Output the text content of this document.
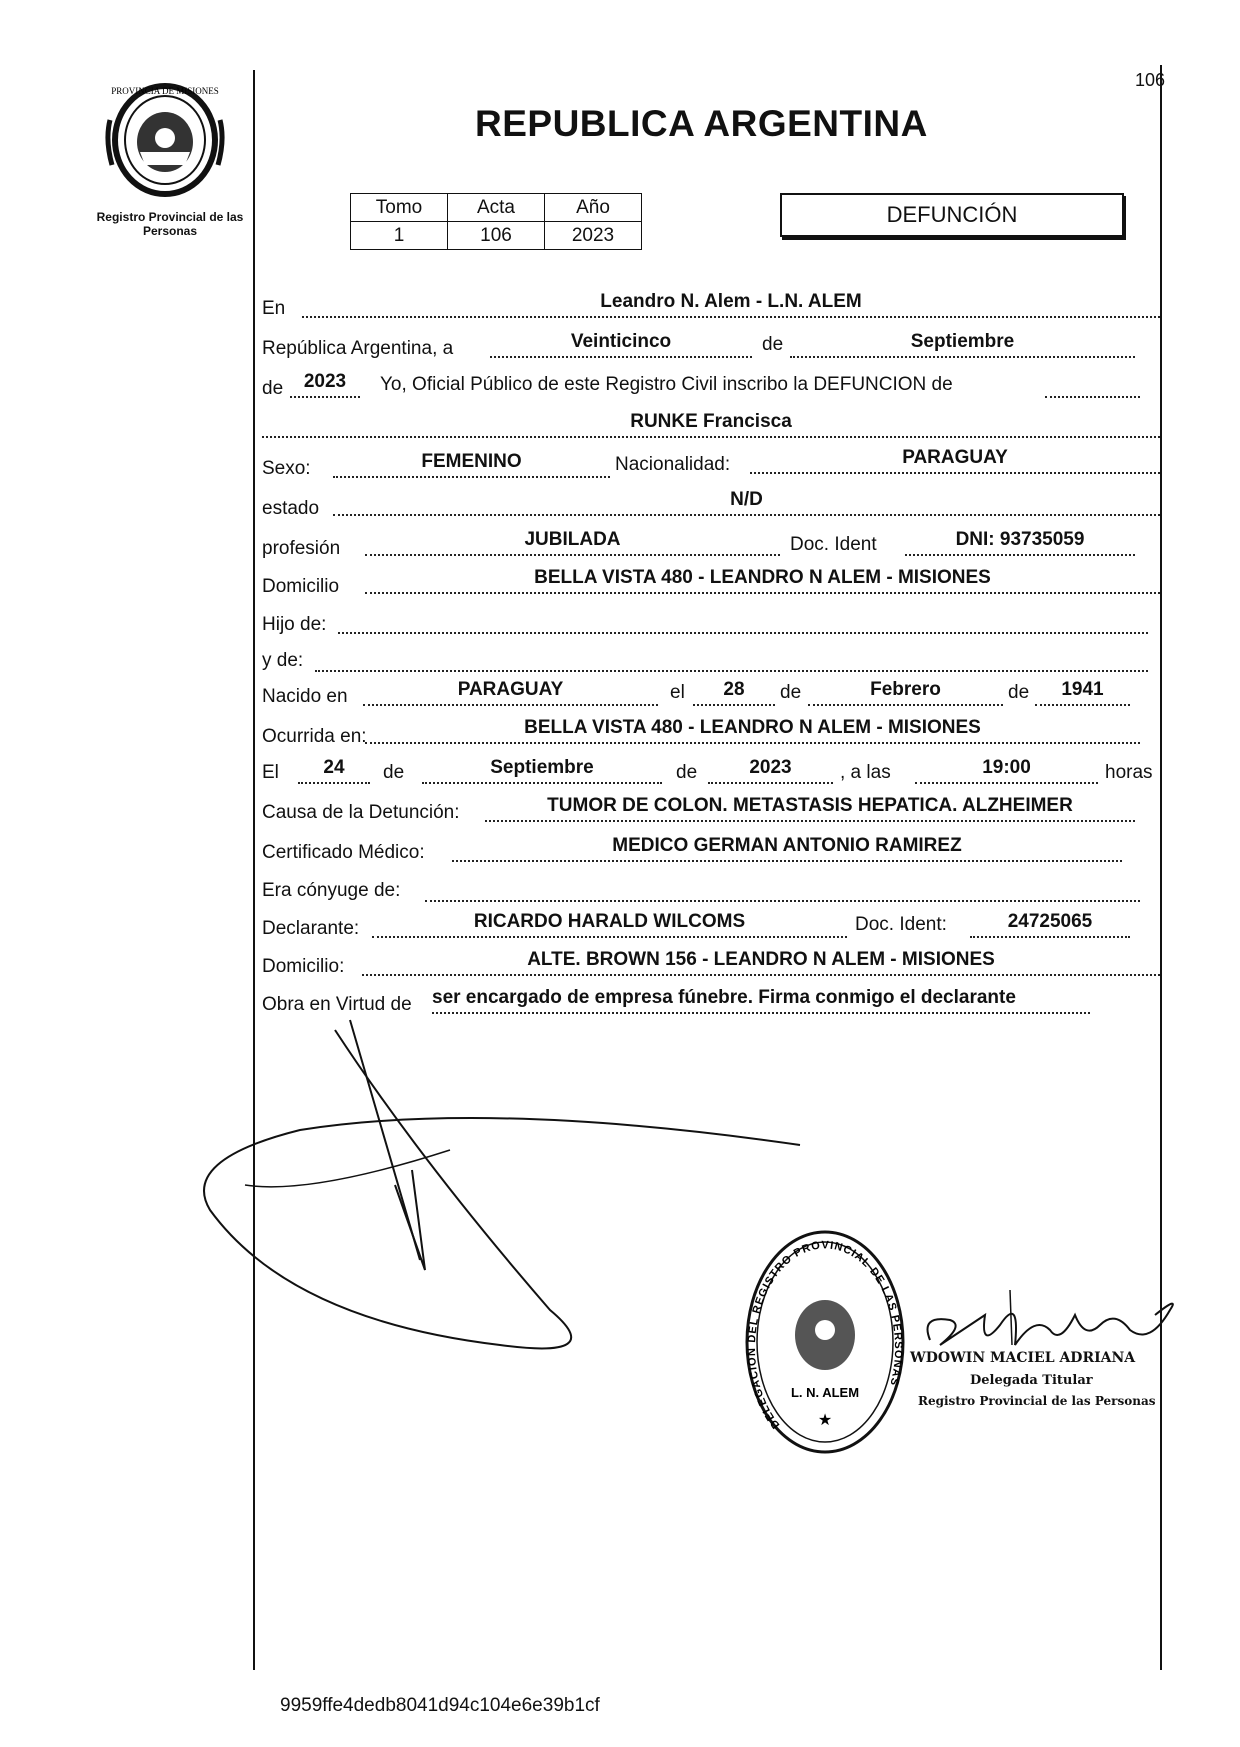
PROVINCIA DE MISIONES
Registro Provincial de las Personas
106
REPUBLICA ARGENTINA
Tomo	Acta	Año
1	106	2023
DEFUNCIÓN
En	Leandro N. Alem - L.N. ALEM
República Argentina, a	Veinticinco	de	Septiembre
de	2023	Yo, Oficial Público de este Registro Civil inscribo la DEFUNCION de
RUNKE Francisca
Sexo:	FEMENINO	Nacionalidad:	PARAGUAY
estado	N/D
profesión	JUBILADA	Doc. Ident	DNI: 93735059
Domicilio	BELLA VISTA 480 - LEANDRO N ALEM - MISIONES
Hijo de:
y de:
Nacido en	PARAGUAY	el	28	de	Febrero	de	1941
Ocurrida en:	BELLA VISTA 480 - LEANDRO N ALEM - MISIONES
El	24	de	Septiembre	de	2023	, a las	19:00	horas
Causa de la Detunción:	TUMOR DE COLON. METASTASIS HEPATICA. ALZHEIMER
Certificado Médico:	MEDICO GERMAN ANTONIO RAMIREZ
Era cónyuge de:
Declarante:	RICARDO HARALD WILCOMS	Doc. Ident:	24725065
Domicilio:	ALTE. BROWN 156 - LEANDRO N ALEM - MISIONES
Obra en Virtud de ser encargado de empresa fúnebre. Firma conmigo el declarante
DELEGACION DEL REGISTRO PROVINCIAL DE LAS PERSONAS
L. N. ALEM
★
WDOWIN MACIEL ADRIANA
Delegada Titular
Registro Provincial de las Personas
9959ffe4dedb8041d94c104e6e39b1cf
